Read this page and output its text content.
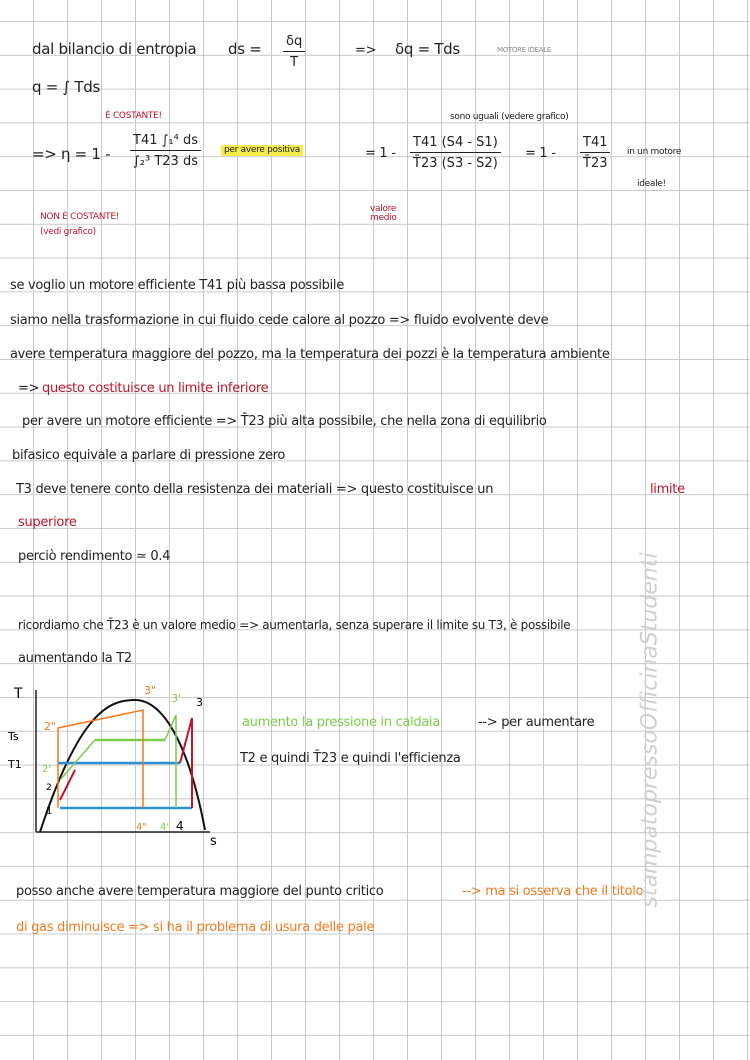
dal bilancio di entropia ds = $\frac{\delta q}{T}$	=> δq = Tds	MOTORE IDEALE
q = ∫ Tds
È COSTANTE!
=> $\eta = 1 - \frac{\text{T41 ∫₁⁴ ds}}{\text{∫₂³ T23 ds}}$	per avere positiva	= $1 - \frac{T41 (S4 - S1)}{T̄23 (S3 - S2)} = 1 - \frac{T41}{T̄23}$
sono uguali (vedere grafico)
in un motore
ideale!
NON È COSTANTE!
(vedi grafico)
valore medio
se voglio un motore efficiente T41 più bassa possibile
siamo nella trasformazione in cui fluido cede calore al pozzo => fluido evolvente deve
avere temperatura maggiore del pozzo, ma la temperatura dei pozzi è la temperatura ambiente
=> questo costituisce un limite inferiore
per avere un motore efficiente => T̄23 più alta possibile, che nella zona di equilibrio
bifasico equivale a parlare di pressione zero
T3 deve tenere conto della resistenza dei materiali => questo costituisce un	limite
superiore
perciò rendimento ≃ 0.4
ricordiamo che T̄23 è un valore medio => aumentarla, senza superare il limite su T3, è possibile
aumentando la T2
aumento la pressione in caldaia	--> per aumentare
T2 e quindi T̄23 e quindi l'efficienza
T
s
Ts
T1
1
2
3
4
2'
3'
4'
2"
3"
4"
posso anche avere temperatura maggiore del punto critico	--> ma si osserva che il titolo
di gas diminuisce => si ha il problema di usura delle pale
stampatopressoOfficinaStudenti
